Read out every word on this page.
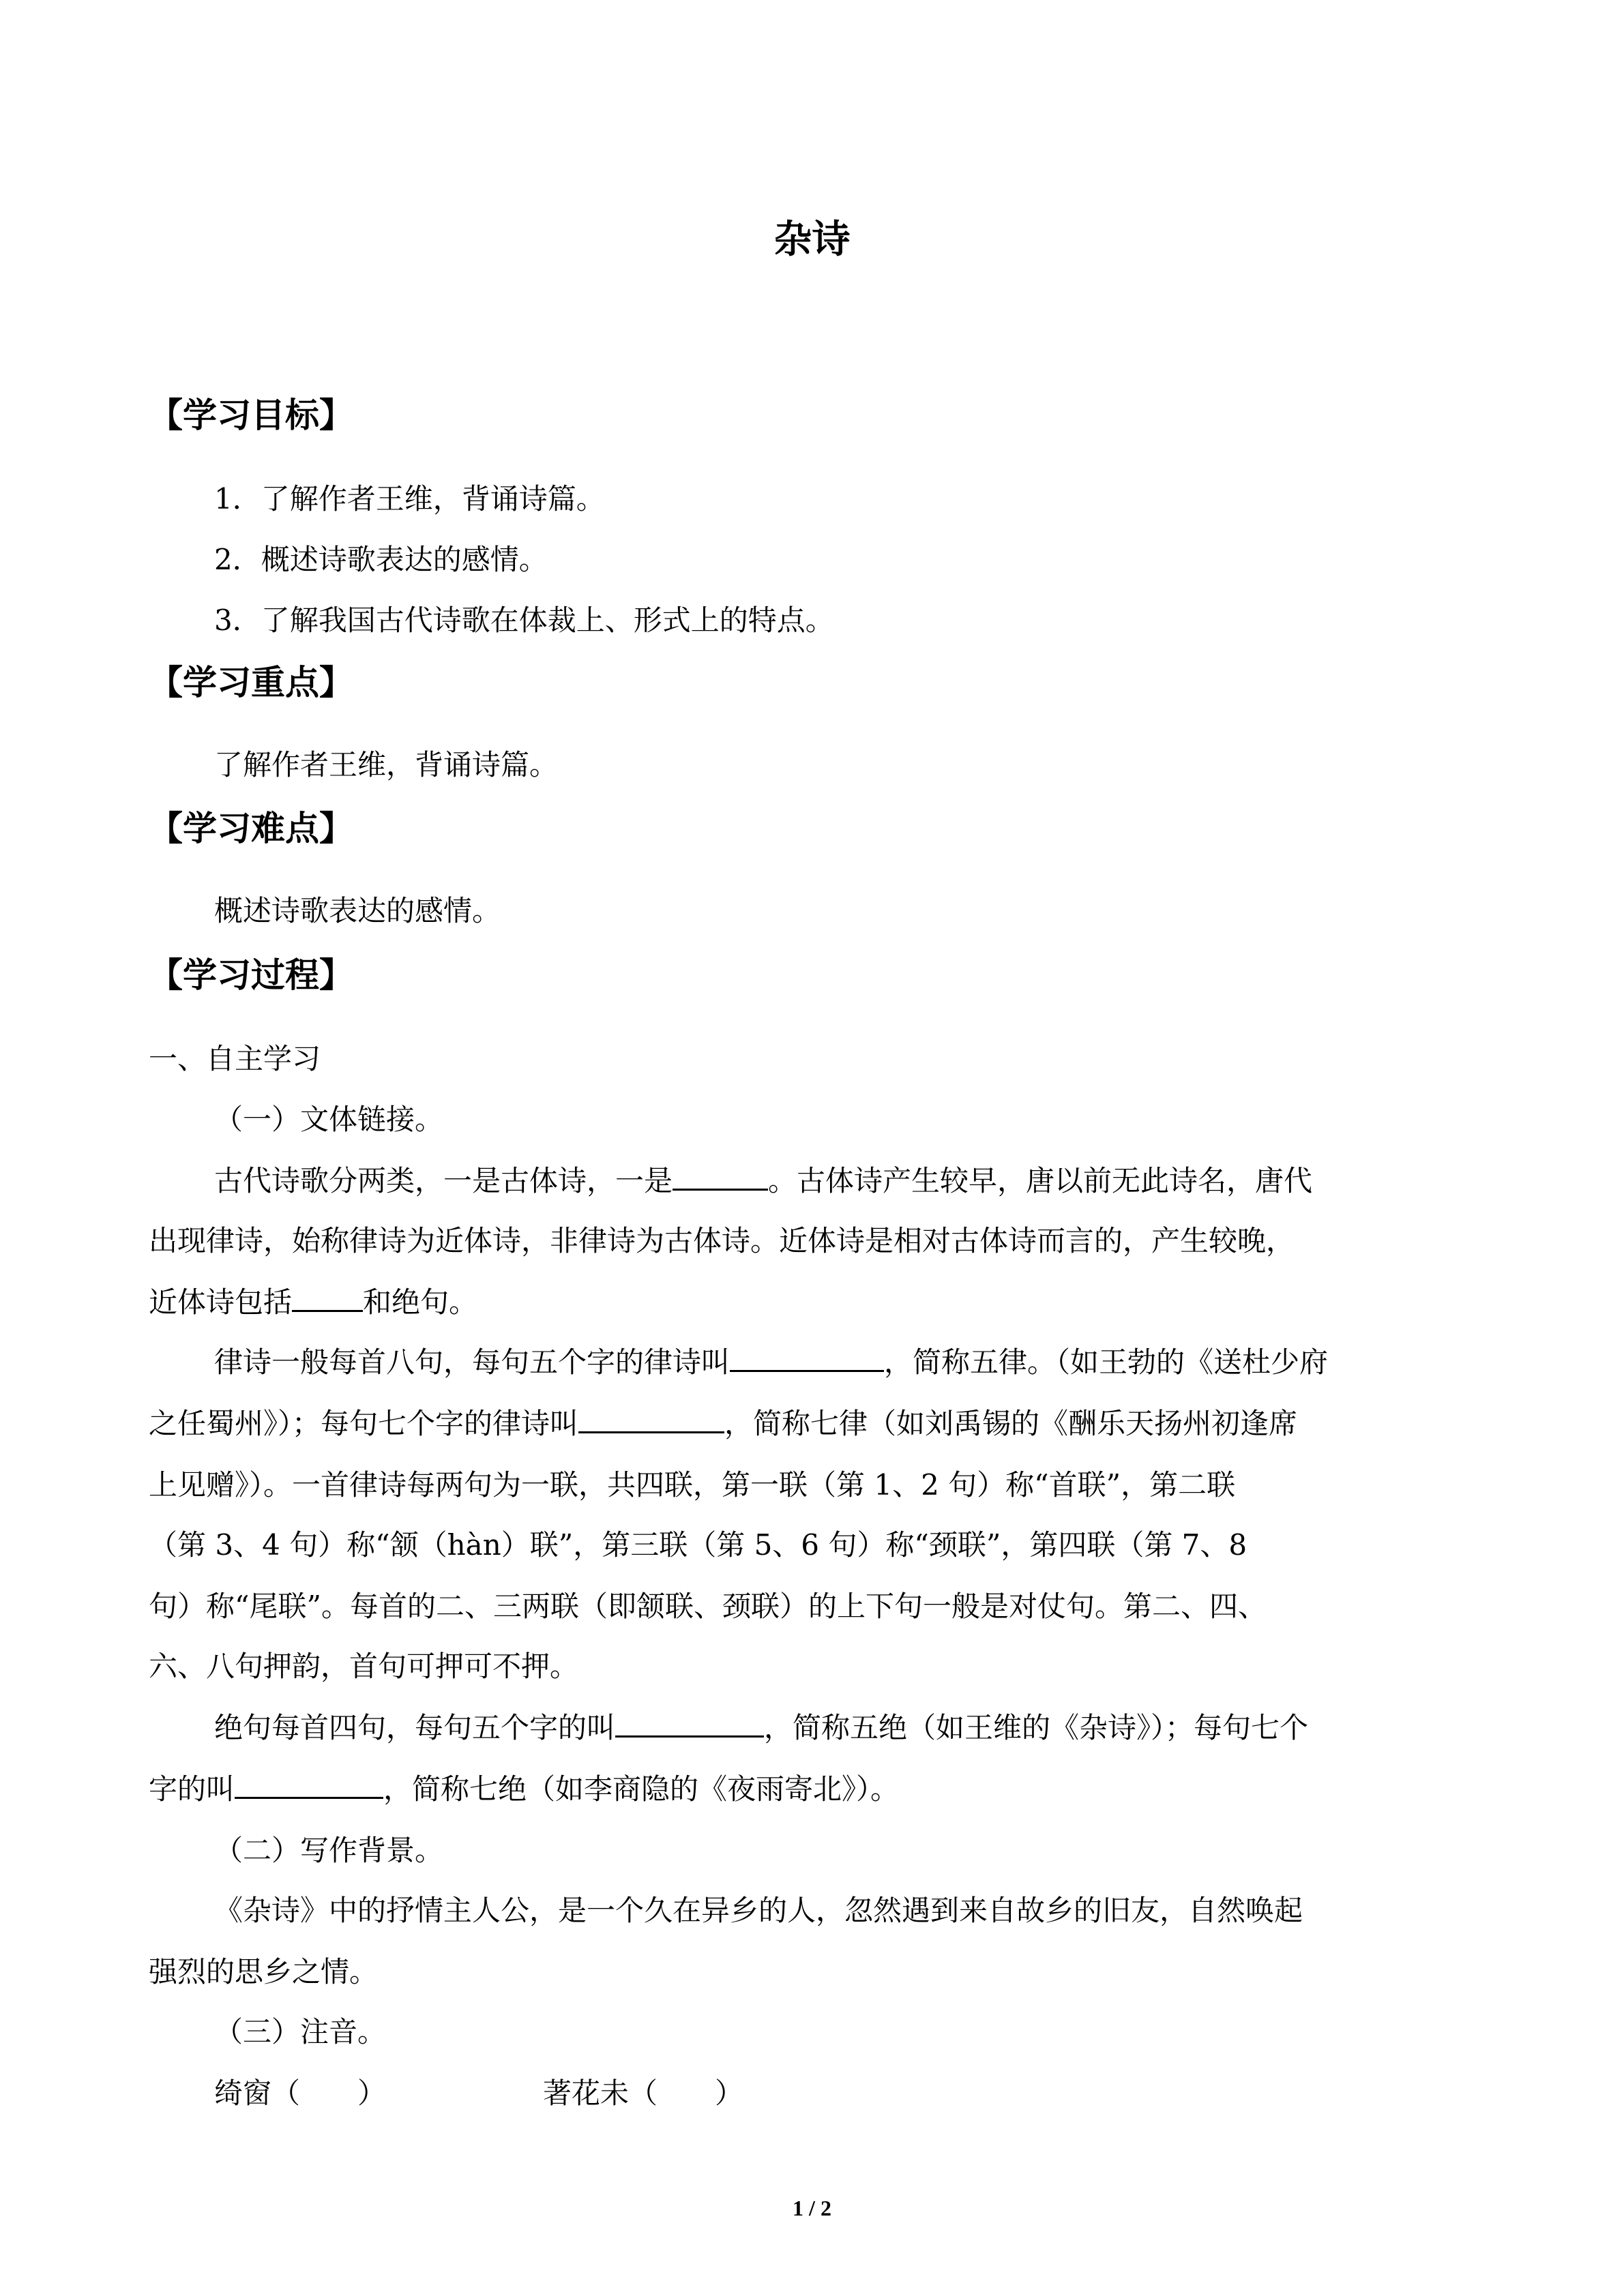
杂诗
【学习目标】
1．了解作者王维，背诵诗篇。
2．概述诗歌表达的感情。
3．了解我国古代诗歌在体裁上、形式上的特点。
【学习重点】
了解作者王维，背诵诗篇。
【学习难点】
概述诗歌表达的感情。
【学习过程】
一、自主学习
（一）文体链接。
古代诗歌分两类，一是古体诗，一是	。古体诗产生较早，唐以前无此诗名，唐代
出现律诗，始称律诗为近体诗，非律诗为古体诗。近体诗是相对古体诗而言的，产生较晚，
近体诗包括 和绝句。
律诗一般每首八句，每句五个字的律诗叫	，简称五律。（如王勃的《送杜少府
之任蜀州》）；每句七个字的律诗叫	，简称七律（如刘禹锡的《酬乐天扬州初逢席
上见赠》）。一首律诗每两句为一联，共四联，第一联（第 1、2 句）称“首联”，第二联
（第 3、4 句）称“颔（hàn）联”，第三联（第 5、6 句）称“颈联”，第四联（第 7、8
句）称“尾联”。每首的二、三两联（即颔联、颈联）的上下句一般是对仗句。第二、四、
六、八句押韵，首句可押可不押。
绝句每首四句，每句五个字的叫	，简称五绝（如王维的《杂诗》）；每句七个
字的叫	，简称七绝（如李商隐的《夜雨寄北》）。
（二）写作背景。
《杂诗》中的抒情主人公，是一个久在异乡的人，忽然遇到来自故乡的旧友，自然唤起
强烈的思乡之情。
（三）注音。
绮窗（　　）	著花未（　　）
1 / 2
